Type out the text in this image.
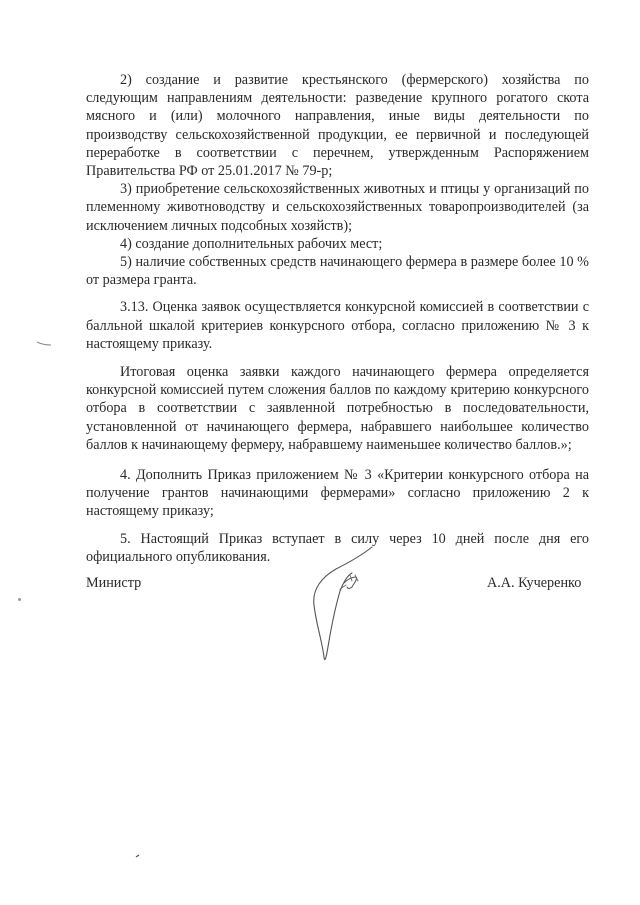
2) создание и развитие крестьянского (фермерского) хозяйства по следующим направлениям деятельности: разведение крупного рогатого скота мясного и (или) молочного направления, иные виды деятельности по производству сельскохозяйственной продукции, ее первичной и последующей переработке в соответствии с перечнем, утвержденным Распоряжением Правительства РФ от 25.01.2017 № 79-р;

3) приобретение сельскохозяйственных животных и птицы у организаций по племенному животноводству и сельскохозяйственных товаропроизводителей (за исключением личных подсобных хозяйств);

4) создание дополнительных рабочих мест;

5) наличие собственных средств начинающего фермера в размере более 10 % от размера гранта.

3.13. Оценка заявок осуществляется конкурсной комиссией в соответствии с балльной шкалой критериев конкурсного отбора, согласно приложению № 3 к настоящему приказу.

Итоговая оценка заявки каждого начинающего фермера определяется конкурсной комиссией путем сложения баллов по каждому критерию конкурсного отбора в соответствии с заявленной потребностью в последовательности, установленной от начинающего фермера, набравшего наибольшее количество баллов к начинающему фермеру, набравшему наименьшее количество баллов.»;

4. Дополнить Приказ приложением № 3 «Критерии конкурсного отбора на получение грантов начинающими фермерами» согласно приложению 2 к настоящему приказу;

5. Настоящий Приказ вступает в силу через 10 дней после дня его официального опубликования.

Министр	А.А. Кучеренко
